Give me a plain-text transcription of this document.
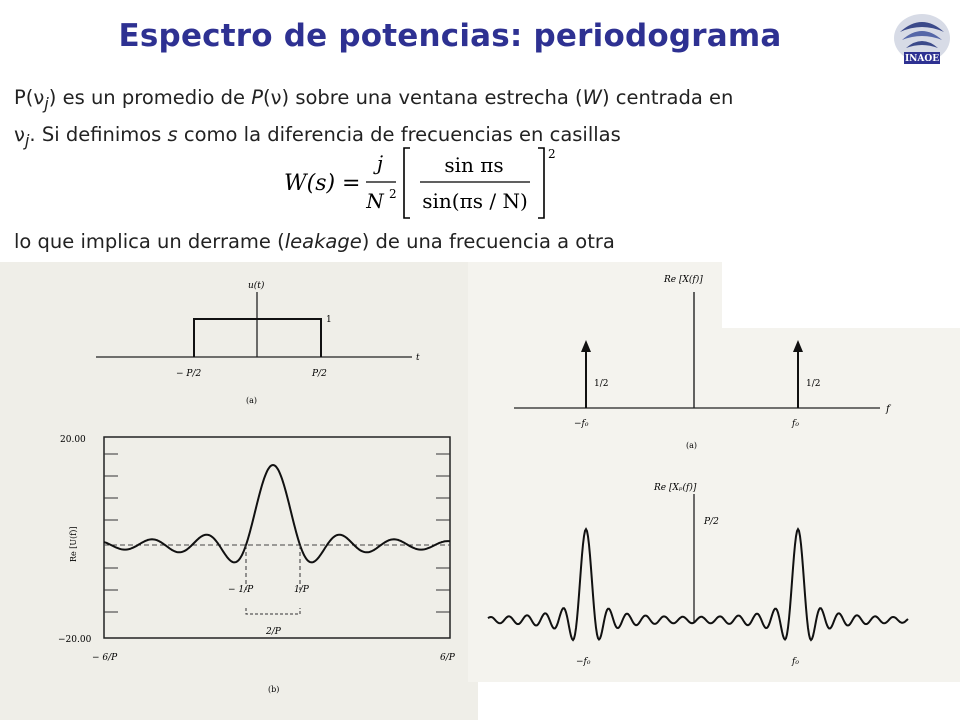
Espectro de potencias: periodograma
INAOE
$P(\nu_j)$ es un promedio de P(ν) sobre una ventana estrecha (W) centrada en
$\nu_j$. Si definimos s como la diferencia de frecuencias en casillas
W(s) =
j
N 2
sin πs
sin(πs / N)
2
lo que implica un derrame (leakage) de una frecuencia a otra
u(t)
t
1
− P/2	P/2
(a)
20.00
−20.00
Re [U(f)]
− 6/P	6/P
− 1/P	1/P
2/P
(b)
Re [X(f)]
f
1/2	1/2
−f₀	f₀
(a)
Re [Xₚ(f)]
P/2
−f₀	f₀
